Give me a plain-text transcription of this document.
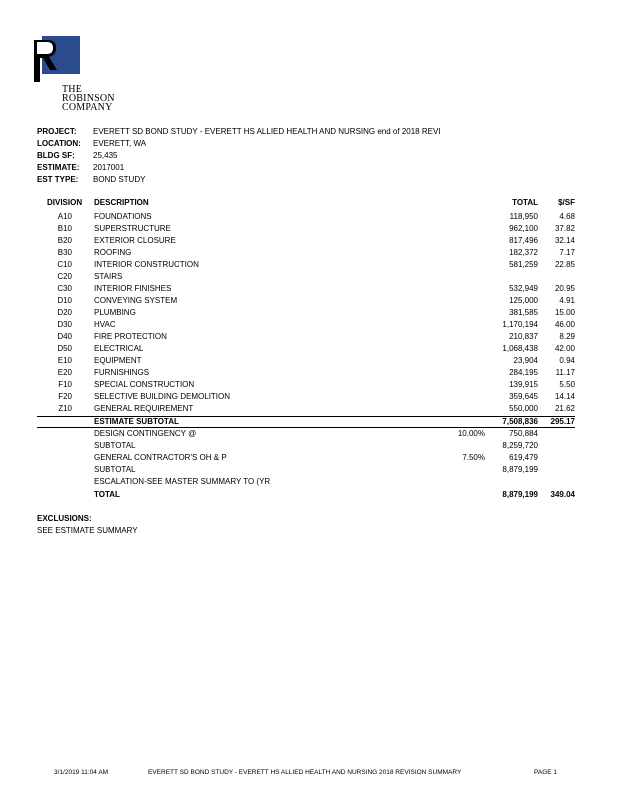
THE
ROBINSON
COMPANY
PROJECT: EVERETT SD BOND STUDY - EVERETT HS ALLIED HEALTH AND NURSING end of 2018 REVI
LOCATION: EVERETT, WA
BLDG SF: 25,435
ESTIMATE: 2017001
EST TYPE: BOND STUDY
DIVISION DESCRIPTION	TOTAL	$/SF
A10	FOUNDATIONS	118,950	4.68
B10	SUPERSTRUCTURE	962,100	37.82
B20	EXTERIOR CLOSURE	817,496	32.14
B30	ROOFING	182,372	7.17
C10	INTERIOR CONSTRUCTION	581,259	22.85
C20	STAIRS
C30	INTERIOR FINISHES	532,949	20.95
D10	CONVEYING SYSTEM	125,000	4.91
D20	PLUMBING	381,585	15.00
D30	HVAC	1,170,194	46.00
D40	FIRE PROTECTION	210,837	8.29
D50	ELECTRICAL	1,068,438	42.00
E10	EQUIPMENT	23,904	0.94
E20	FURNISHINGS	284,195	11.17
F10	SPECIAL CONSTRUCTION	139,915	5.50
F20	SELECTIVE BUILDING DEMOLITION	359,645	14.14
Z10	GENERAL REQUIREMENT	550,000	21.62
ESTIMATE SUBTOTAL	7,508,836	295.17
DESIGN CONTINGENCY @	10.00%	750,884
SUBTOTAL	8,259,720
GENERAL CONTRACTOR'S OH & P	7.50%	619,479
SUBTOTAL	8,879,199
ESCALATION-SEE MASTER SUMMARY TO (YR
TOTAL	8,879,199	349.04
EXCLUSIONS:
SEE ESTIMATE SUMMARY
3/1/2019 11:04 AM	EVERETT SD BOND STUDY - EVERETT HS ALLIED HEALTH AND NURSING 2018 REVISION SUMMARY	PAGE 1
